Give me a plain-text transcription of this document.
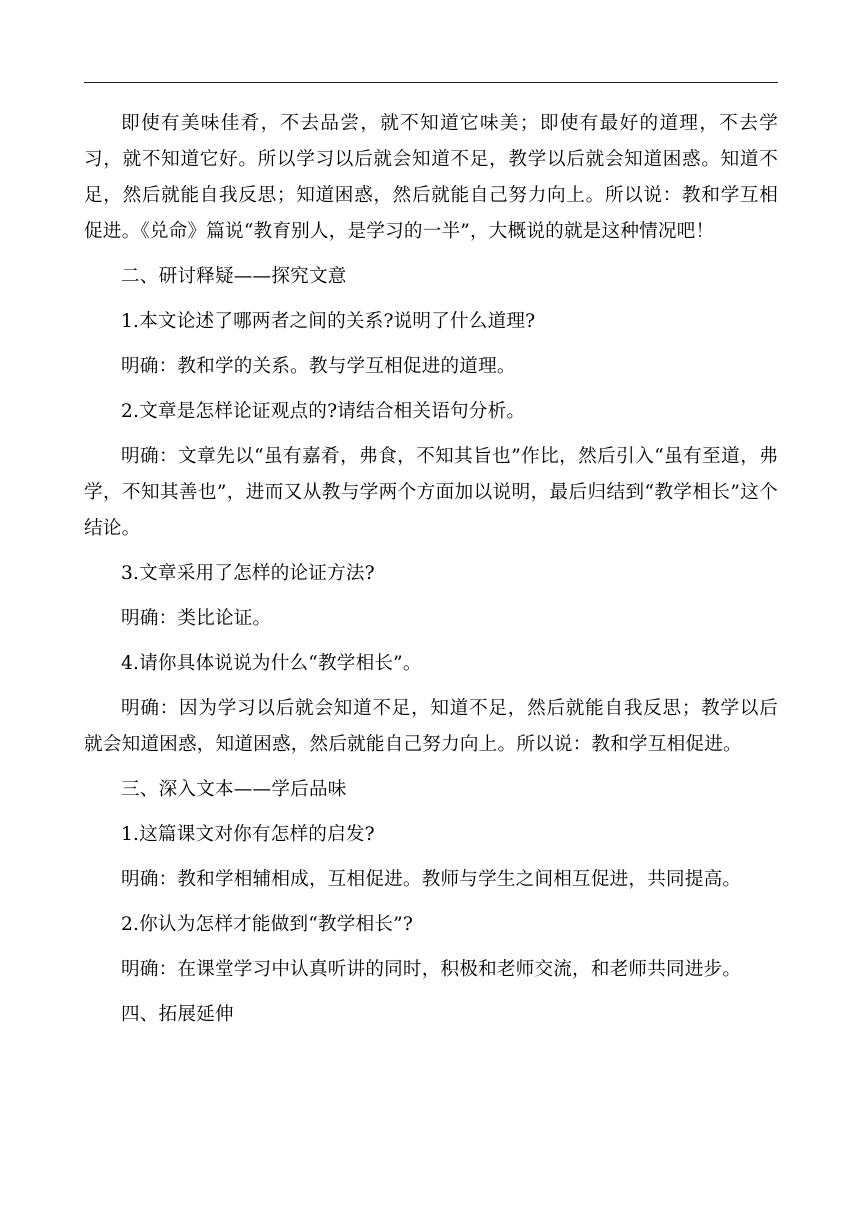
即使有美味佳肴，不去品尝，就不知道它味美；即使有最好的道理，不去学习，就不知道它好。所以学习以后就会知道不足，教学以后就会知道困惑。知道不足，然后就能自我反思；知道困惑，然后就能自己努力向上。所以说：教和学互相促进。《兑命》篇说“教育别人，是学习的一半”，大概说的就是这种情况吧！

二、研讨释疑——探究文意

1.本文论述了哪两者之间的关系?说明了什么道理?

明确：教和学的关系。教与学互相促进的道理。

2.文章是怎样论证观点的?请结合相关语句分析。

明确：文章先以“虽有嘉肴，弗食，不知其旨也”作比，然后引入“虽有至道，弗学，不知其善也”，进而又从教与学两个方面加以说明，最后归结到“教学相长”这个结论。

3.文章采用了怎样的论证方法?

明确：类比论证。

4.请你具体说说为什么“教学相长”。

明确：因为学习以后就会知道不足，知道不足，然后就能自我反思；教学以后就会知道困惑，知道困惑，然后就能自己努力向上。所以说：教和学互相促进。

三、深入文本——学后品味

1.这篇课文对你有怎样的启发?

明确：教和学相辅相成，互相促进。教师与学生之间相互促进，共同提高。

2.你认为怎样才能做到“教学相长”?

明确：在课堂学习中认真听讲的同时，积极和老师交流，和老师共同进步。

四、拓展延伸
